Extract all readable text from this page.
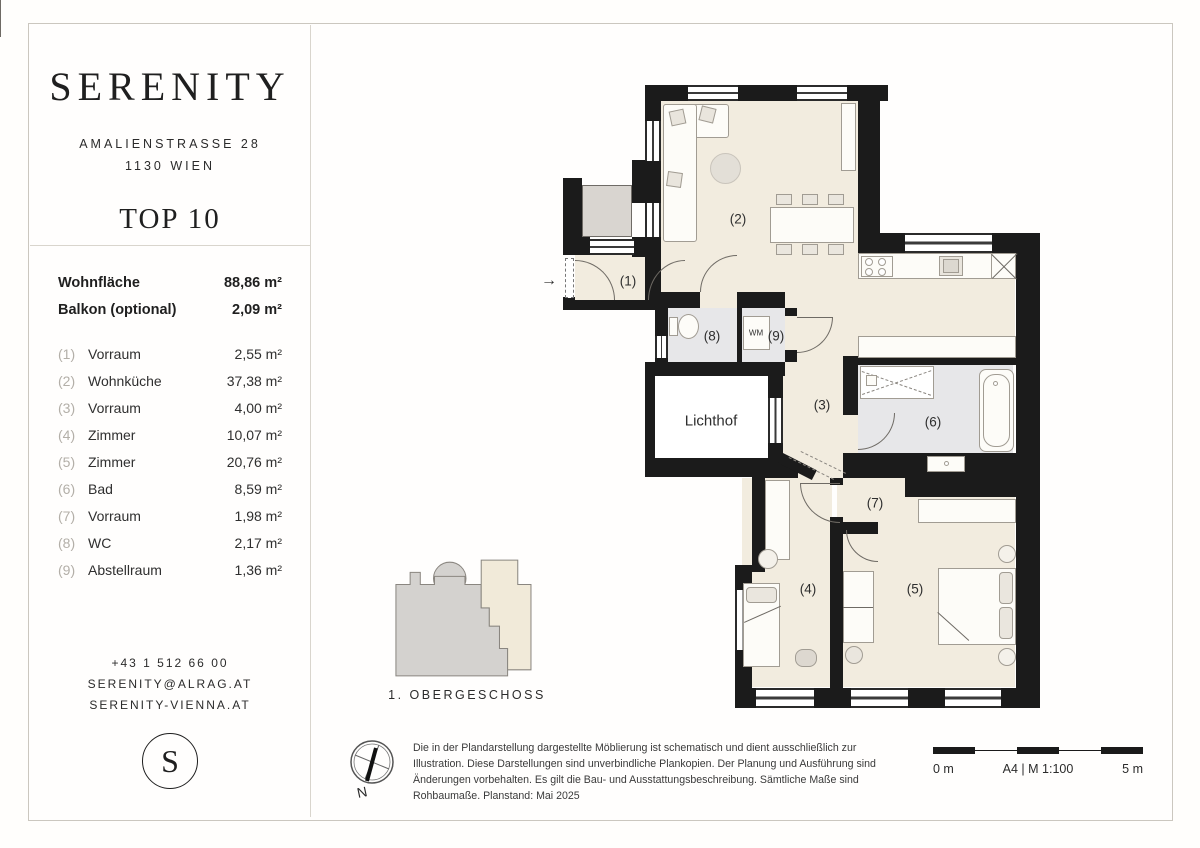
SERENITY
AMALIENSTRASSE 28
1130 WIEN
TOP 10
Wohnfläche	88,86 m²
Balkon (optional)	2,09 m²
(1) Vorraum	2,55 m²
(2) Wohnküche	37,38 m²
(3) Vorraum	4,00 m²
(4) Zimmer	10,07 m²
(5) Zimmer	20,76 m²
(6) Bad	8,59 m²
(7) Vorraum	1,98 m²
(8) WC	2,17 m²
(9) Abstellraum	1,36 m²
+43 1 512 66 00
SERENITY@ALRAG.AT
SERENITY-VIENNA.AT
S
(1)
(2)
(3)
(4)	(5)
(6)
(7)
(8)	(9)
Lichthof
WM
→
1. OBERGESCHOSS
N
Die in der Plandarstellung dargestellte Möblierung ist schematisch und dient ausschließlich zur Illustration. Diese Darstellungen sind unverbindliche Plankopien. Der Planung und Ausführung sind Änderungen vorbehalten. Es gilt die Bau- und Ausstattungsbeschreibung. Sämtliche Maße sind Rohbaumaße. Planstand: Mai 2025
0 m	A4 | M 1:100	5 m
